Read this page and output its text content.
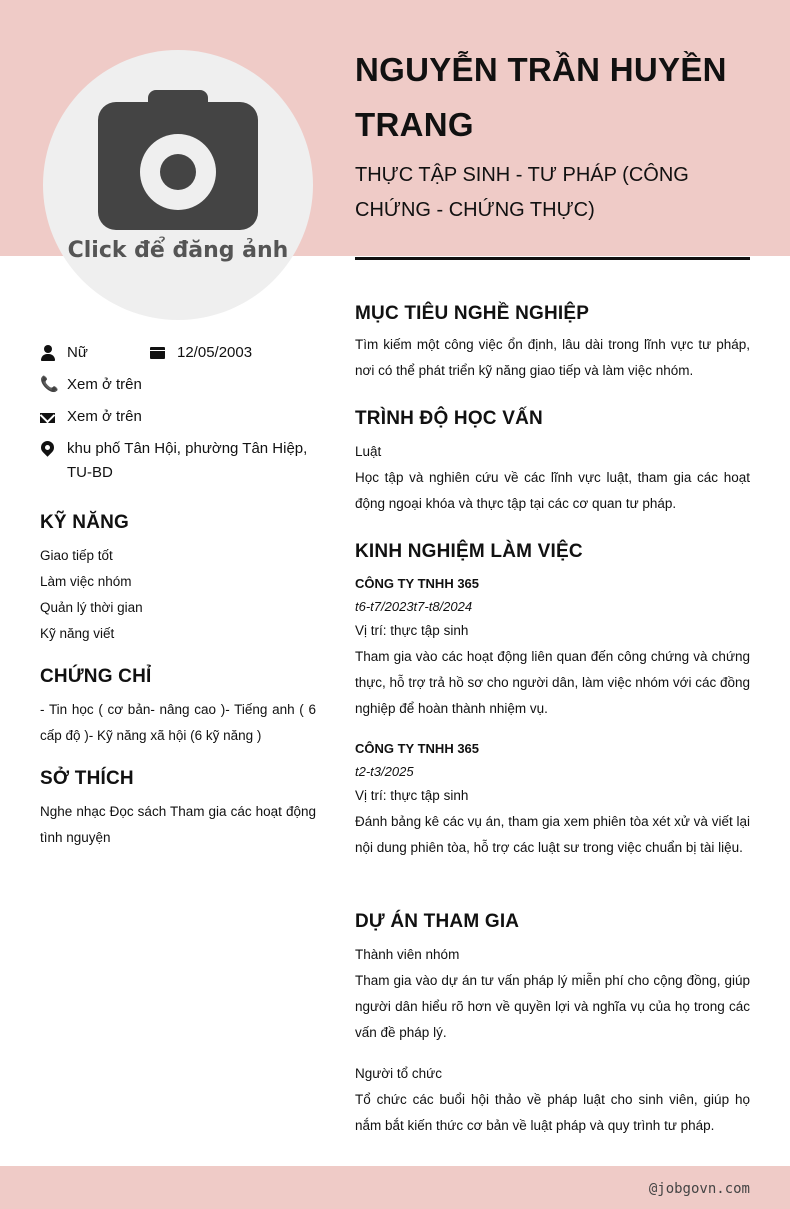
Click để đăng ảnh
NGUYỄN TRẦN HUYỀN TRANG
THỰC TẬP SINH - TƯ PHÁP (CÔNG CHỨNG - CHỨNG THỰC)
Nữ	12/05/2003
📞 Xem ở trên
Xem ở trên
khu phố Tân Hội, phường Tân Hiệp, TU-BD
KỸ NĂNG
Giao tiếp tốt
Làm việc nhóm
Quản lý thời gian
Kỹ năng viết
CHỨNG CHỈ
- Tin học ( cơ bản- nâng cao )- Tiếng anh ( 6 cấp độ )- Kỹ năng xã hội (6 kỹ năng )
SỞ THÍCH
Nghe nhạc Đọc sách Tham gia các hoạt động tình nguyện
MỤC TIÊU NGHỀ NGHIỆP
Tìm kiếm một công việc ổn định, lâu dài trong lĩnh vực tư pháp, nơi có thể phát triển kỹ năng giao tiếp và làm việc nhóm.
TRÌNH ĐỘ HỌC VẤN
Luật
Học tập và nghiên cứu về các lĩnh vực luật, tham gia các hoạt động ngoại khóa và thực tập tại các cơ quan tư pháp.
KINH NGHIỆM LÀM VIỆC
CÔNG TY TNHH 365
t6-t7/2023t7-t8/2024
Vị trí: thực tập sinh
Tham gia vào các hoạt động liên quan đến công chứng và chứng thực, hỗ trợ trả hồ sơ cho người dân, làm việc nhóm với các đồng nghiệp để hoàn thành nhiệm vụ.
CÔNG TY TNHH 365
t2-t3/2025
Vị trí: thực tập sinh
Đánh bảng kê các vụ án, tham gia xem phiên tòa xét xử và viết lại nội dung phiên tòa, hỗ trợ các luật sư trong việc chuẩn bị tài liệu.
DỰ ÁN THAM GIA
Thành viên nhóm
Tham gia vào dự án tư vấn pháp lý miễn phí cho cộng đồng, giúp người dân hiểu rõ hơn về quyền lợi và nghĩa vụ của họ trong các vấn đề pháp lý.
Người tổ chức
Tổ chức các buổi hội thảo về pháp luật cho sinh viên, giúp họ nắm bắt kiến thức cơ bản về luật pháp và quy trình tư pháp.
@jobgovn.com
